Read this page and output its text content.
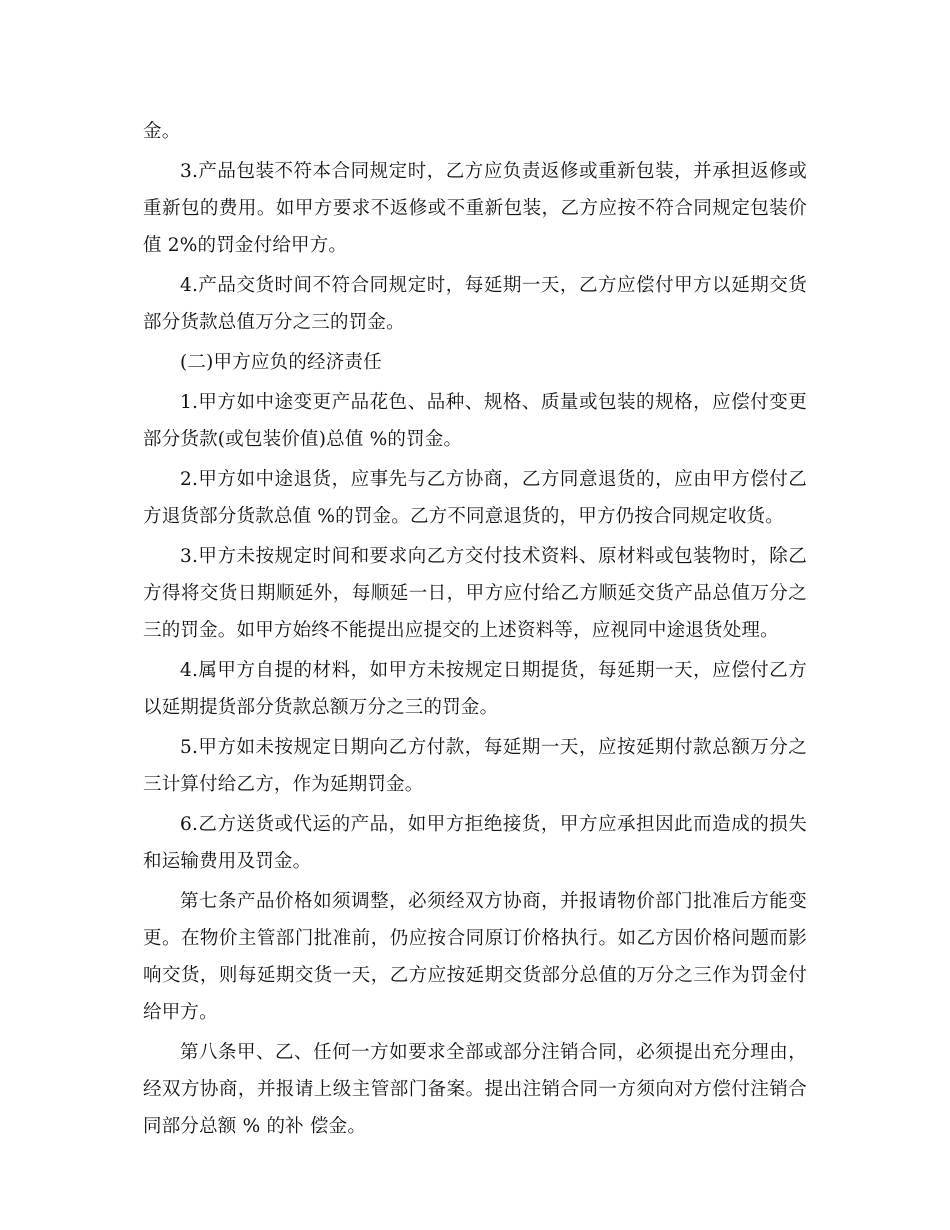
金。

3.产品包装不符本合同规定时，乙方应负责返修或重新包装，并承担返修或重新包的费用。如甲方要求不返修或不重新包装，乙方应按不符合同规定包装价值 2%的罚金付给甲方。

4.产品交货时间不符合同规定时，每延期一天，乙方应偿付甲方以延期交货部分货款总值万分之三的罚金。

(二)甲方应负的经济责任

1.甲方如中途变更产品花色、品种、规格、质量或包装的规格，应偿付变更部分货款(或包装价值)总值 %的罚金。

2.甲方如中途退货，应事先与乙方协商，乙方同意退货的，应由甲方偿付乙方退货部分货款总值 %的罚金。乙方不同意退货的，甲方仍按合同规定收货。

3.甲方未按规定时间和要求向乙方交付技术资料、原材料或包装物时，除乙方得将交货日期顺延外，每顺延一日，甲方应付给乙方顺延交货产品总值万分之三的罚金。如甲方始终不能提出应提交的上述资料等，应视同中途退货处理。

4.属甲方自提的材料，如甲方未按规定日期提货，每延期一天，应偿付乙方以延期提货部分货款总额万分之三的罚金。

5.甲方如未按规定日期向乙方付款，每延期一天，应按延期付款总额万分之三计算付给乙方，作为延期罚金。

6.乙方送货或代运的产品，如甲方拒绝接货，甲方应承担因此而造成的损失和运输费用及罚金。

第七条产品价格如须调整，必须经双方协商，并报请物价部门批准后方能变更。在物价主管部门批准前，仍应按合同原订价格执行。如乙方因价格问题而影响交货，则每延期交货一天，乙方应按延期交货部分总值的万分之三作为罚金付给甲方。

第八条甲、乙、任何一方如要求全部或部分注销合同，必须提出充分理由，经双方协商，并报请上级主管部门备案。提出注销合同一方须向对方偿付注销合同部分总额 % 的补 偿金。
